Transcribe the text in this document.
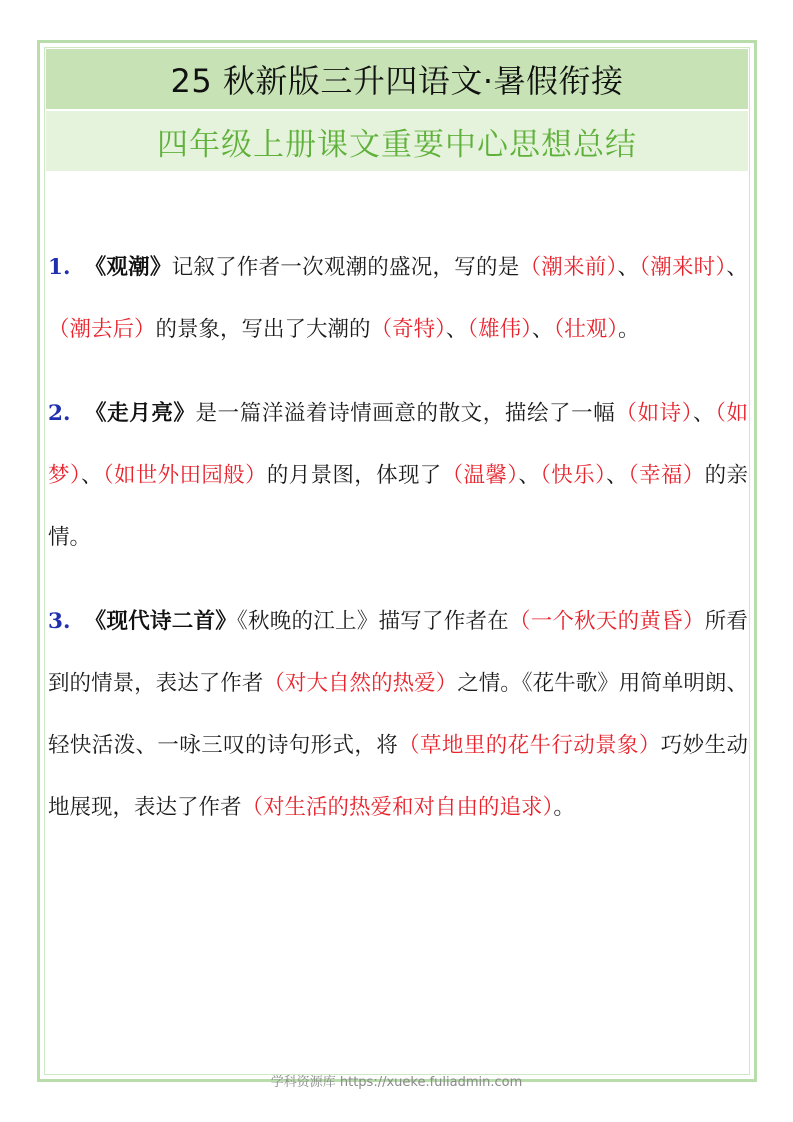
25 秋新版三升四语文·暑假衔接
四年级上册课文重要中心思想总结

1. 《观潮》记叙了作者一次观潮的盛况，写的是（潮来前）、（潮来时）、（潮去后）的景象，写出了大潮的（奇特）、（雄伟）、（壮观）。

2. 《走月亮》是一篇洋溢着诗情画意的散文，描绘了一幅（如诗）、（如梦）、（如世外田园般）的月景图，体现了（温馨）、（快乐）、（幸福）的亲情。

3. 《现代诗二首》《秋晚的江上》描写了作者在（一个秋天的黄昏）所看到的情景，表达了作者（对大自然的热爱）之情。《花牛歌》用简单明朗、轻快活泼、一咏三叹的诗句形式，将（草地里的花牛行动景象）巧妙生动地展现，表达了作者（对生活的热爱和对自由的追求）。

学科资源库 https://xueke.fuliadmin.com
